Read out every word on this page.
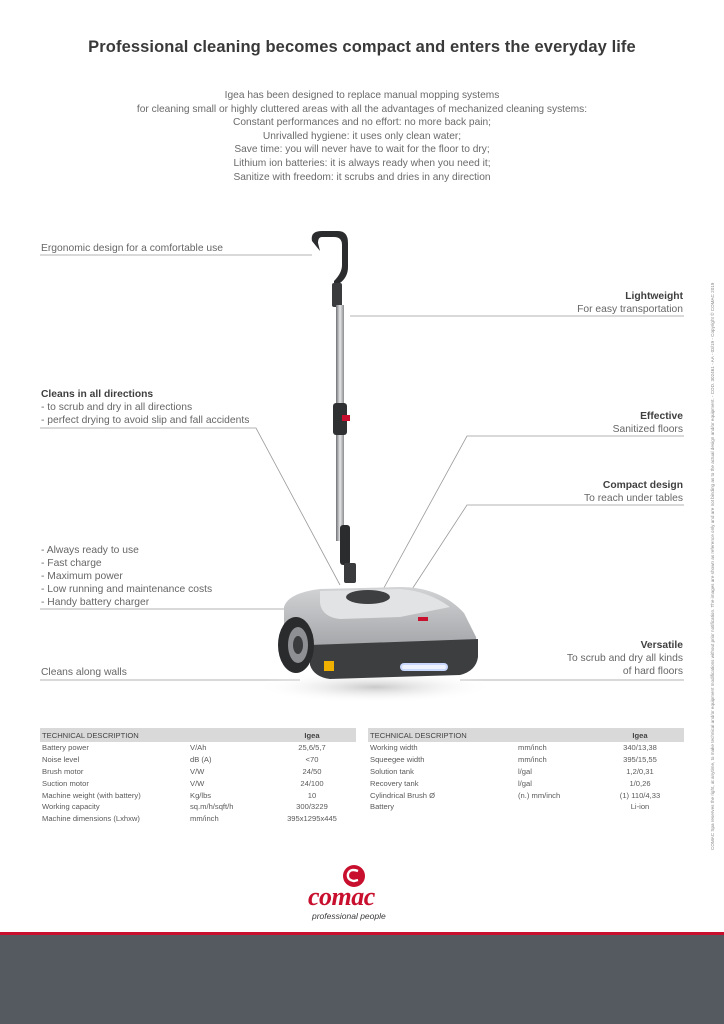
Professional cleaning becomes compact and enters the everyday life
Igea has been designed to replace manual mopping systems
for cleaning small or highly cluttered areas with all the advantages of mechanized cleaning systems:
Constant performances and no effort: no more back pain;
Unrivalled hygiene: it uses only clean water;
Save time: you will never have to wait for the floor to dry;
Lithium ion batteries: it is always ready when you need it;
Sanitize with freedom: it scrubs and dries in any direction
COMAC Spa reserves the right, at anytime, to make technical and/or equipment modifications without prior notification. The images are shown as reference only and are not binding as to the actual design and/or equipment. - COD. 302461 - AA - 03/19 - Copyright © COMAC 2019
Ergonomic design for a comfortable use
Lightweight
For easy transportation
Cleans in all directions
- to scrub and dry in all directions
- perfect drying to avoid slip and fall accidents	Effective
Sanitized floors
Compact design
To reach under tables
- Always ready to use
- Fast charge
- Maximum power
- Low running and maintenance costs
- Handy battery charger
Versatile
To scrub and dry all kinds
of hard floors
Cleans along walls
TECHNICAL DESCRIPTION		Igea
Battery power	V/Ah	25,6/5,7
Noise level	dB (A)	<70
Brush motor	V/W	24/50
Suction motor	V/W	24/100
Machine weight (with battery)	Kg/lbs	10
Working capacity	sq.m/h/sqft/h	300/3229
Machine dimensions (Lxhxw)	mm/inch	395x1295x445
TECHNICAL DESCRIPTION		Igea
Working width	mm/inch	340/13,38
Squeegee width	mm/inch	395/15,55
Solution tank	l/gal	1,2/0,31
Recovery tank	l/gal	1/0,26
Cylindrical Brush Ø	(n.) mm/inch	(1) 110/4,33
Battery		Li-ion
comac
professional people
